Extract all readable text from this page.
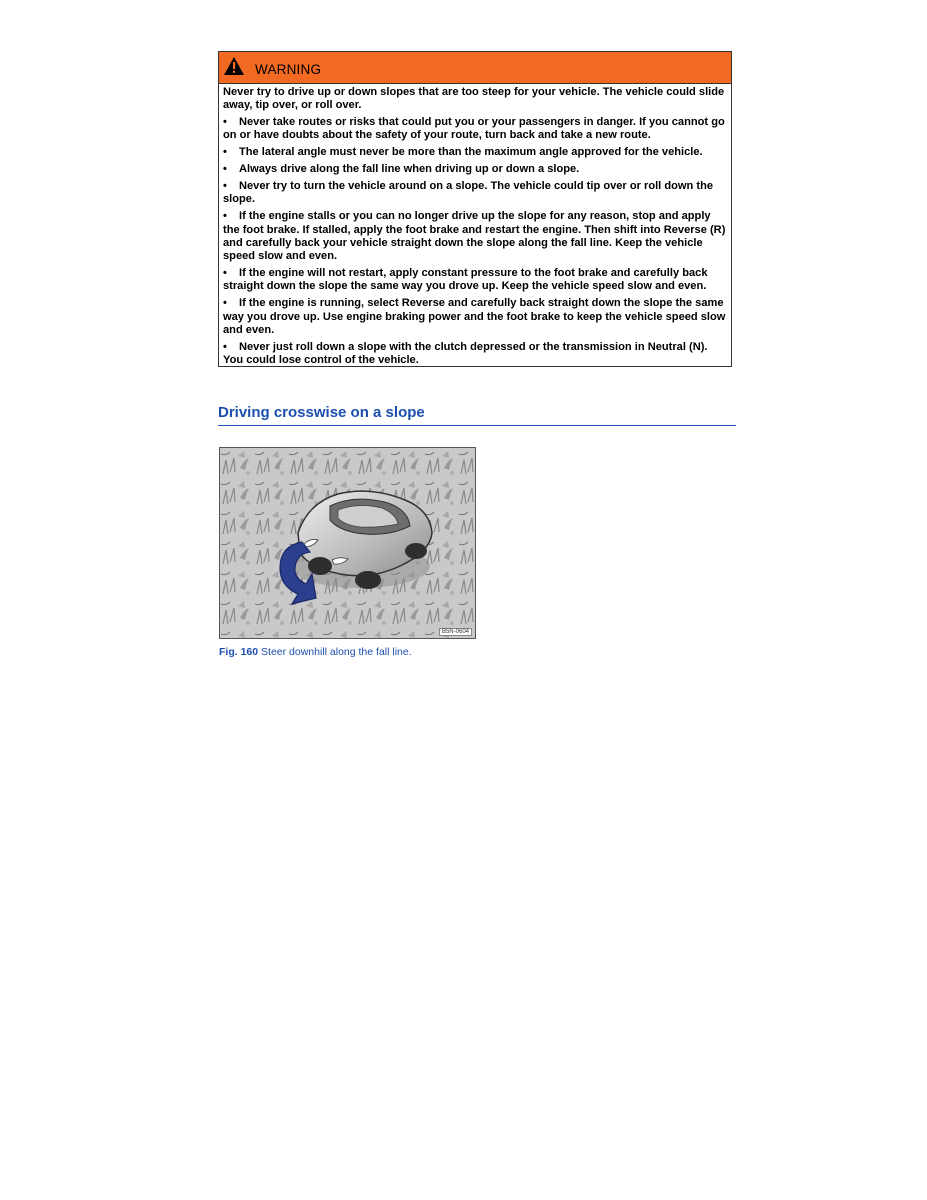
WARNING

Never try to drive up or down slopes that are too steep for your vehicle. The vehicle could slide away, tip over, or roll over.

• Never take routes or risks that could put you or your passengers in danger. If you cannot go on or have doubts about the safety of your route, turn back and take a new route.
• The lateral angle must never be more than the maximum angle approved for the vehicle.
• Always drive along the fall line when driving up or down a slope.
• Never try to turn the vehicle around on a slope. The vehicle could tip over or roll down the slope.
• If the engine stalls or you can no longer drive up the slope for any reason, stop and apply the foot brake. If stalled, apply the foot brake and restart the engine. Then shift into Reverse (R) and carefully back your vehicle straight down the slope along the fall line. Keep the vehicle speed slow and even.
• If the engine will not restart, apply constant pressure to the foot brake and carefully back straight down the slope the same way you drove up. Keep the vehicle speed slow and even.
• If the engine is running, select Reverse and carefully back straight down the slope the same way you drove up. Use engine braking power and the foot brake to keep the vehicle speed slow and even.
• Never just roll down a slope with the clutch depressed or the transmission in Neutral (N). You could lose control of the vehicle.
Driving crosswise on a slope
B5N-0604
Fig. 160 Steer downhill along the fall line.
